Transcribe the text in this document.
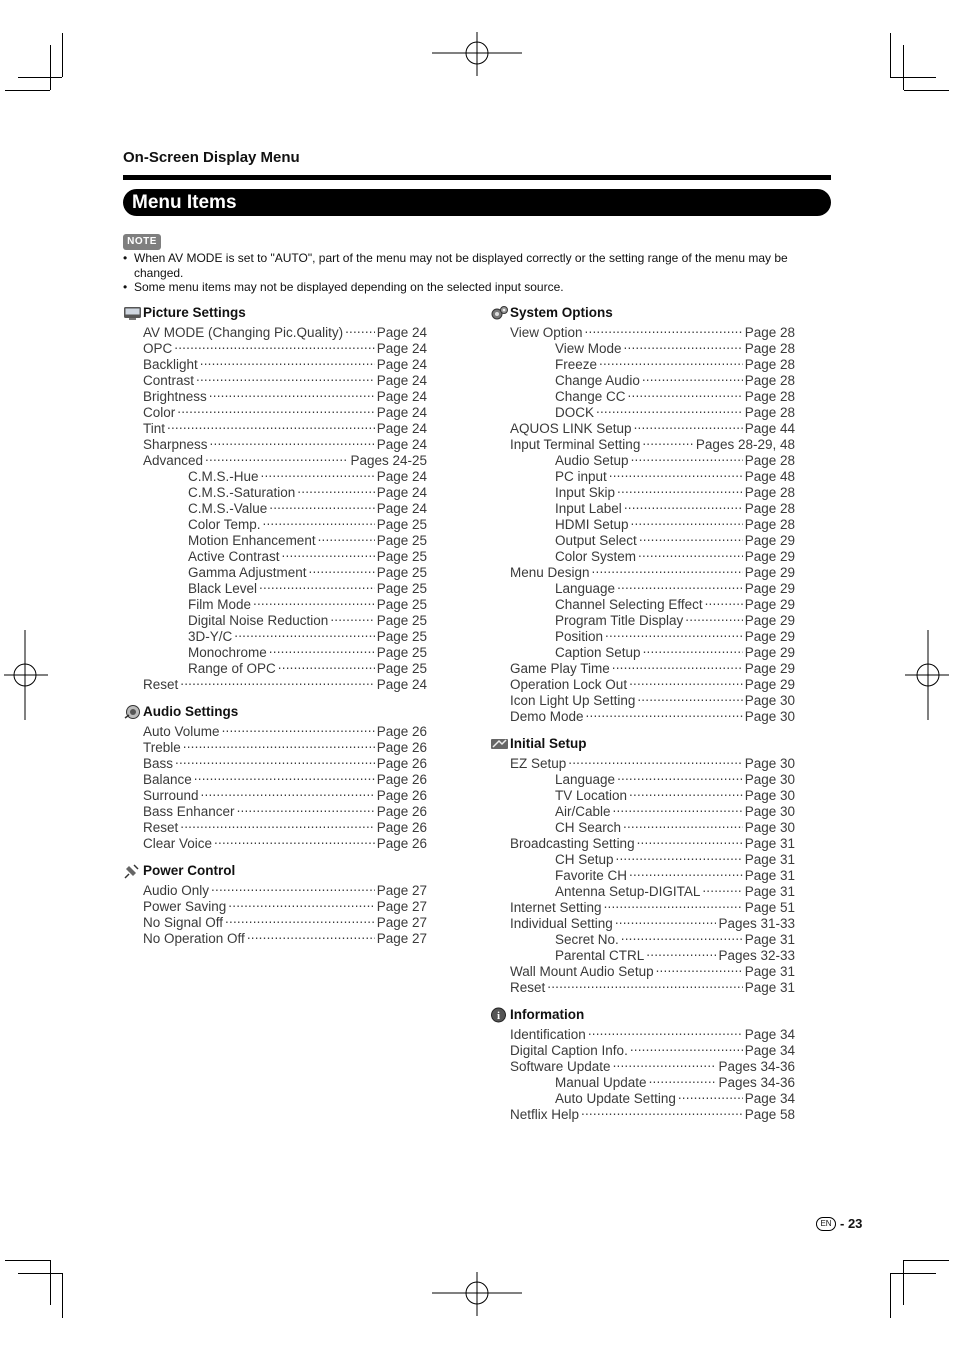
On-Screen Display Menu
Menu Items
NOTE
• When AV MODE is set to "AUTO", part of the menu may not be displayed correctly or the setting range of the menu may be changed.
• Some menu items may not be displayed depending on the selected input source.
Picture Settings
AV MODE (Changing Pic.Quality) ..... Page 24
OPC .....	Page 24
Backlight .....	Page 24
Contrast .....	Page 24
Brightness .....	Page 24
Color .....	Page 24
Tint .....	Page 24
Sharpness .....	Page 24
Advanced .....	Pages 24-25
C.M.S.-Hue .....	Page 24
C.M.S.-Saturation .....	Page 24
C.M.S.-Value .....	Page 24
Color Temp. .....	Page 25
Motion Enhancement .....	Page 25
Active Contrast .....	Page 25
Gamma Adjustment .....	Page 25
Black Level .....	Page 25
Film Mode .....	Page 25
Digital Noise Reduction .....	Page 25
3D-Y/C .....	Page 25
Monochrome .....	Page 25
Range of OPC .....	Page 25
Reset .....	Page 24
Audio Settings
Auto Volume .....	Page 26
Treble .....	Page 26
Bass .....	Page 26
Balance .....	Page 26
Surround .....	Page 26
Bass Enhancer .....	Page 26
Reset .....	Page 26
Clear Voice .....	Page 26
Power Control
Audio Only .....	Page 27
Power Saving .....	Page 27
No Signal Off .....	Page 27
No Operation Off .....	Page 27
System Options
View Option .....	Page 28
View Mode .....	Page 28
Freeze .....	Page 28
Change Audio .....	Page 28
Change CC .....	Page 28
DOCK .....	Page 28
AQUOS LINK Setup .....	Page 44
Input Terminal Setting .....	Pages 28-29, 48
Audio Setup .....	Page 28
PC input .....	Page 48
Input Skip .....	Page 28
Input Label .....	Page 28
HDMI Setup .....	Page 28
Output Select .....	Page 29
Color System .....	Page 29
Menu Design .....	Page 29
Language .....	Page 29
Channel Selecting Effect .....	Page 29
Program Title Display .....	Page 29
Position .....	Page 29
Caption Setup .....	Page 29
Game Play Time .....	Page 29
Operation Lock Out .....	Page 29
Icon Light Up Setting .....	Page 30
Demo Mode .....	Page 30
Initial Setup
EZ Setup .....	Page 30
Language .....	Page 30
TV Location .....	Page 30
Air/Cable .....	Page 30
CH Search .....	Page 30
Broadcasting Setting .....	Page 31
CH Setup .....	Page 31
Favorite CH .....	Page 31
Antenna Setup-DIGITAL .....	Page 31
Internet Setting .....	Page 51
Individual Setting .....	Pages 31-33
Secret No. .....	Page 31
Parental CTRL .....	Pages 32-33
Wall Mount Audio Setup .....	Page 31
Reset .....	Page 31
i Information
Identification .....	Page 34
Digital Caption Info. .....	Page 34
Software Update .....	Pages 34-36
Manual Update .....	Pages 34-36
Auto Update Setting .....	Page 34
Netflix Help .....	Page 58
EN - 23
